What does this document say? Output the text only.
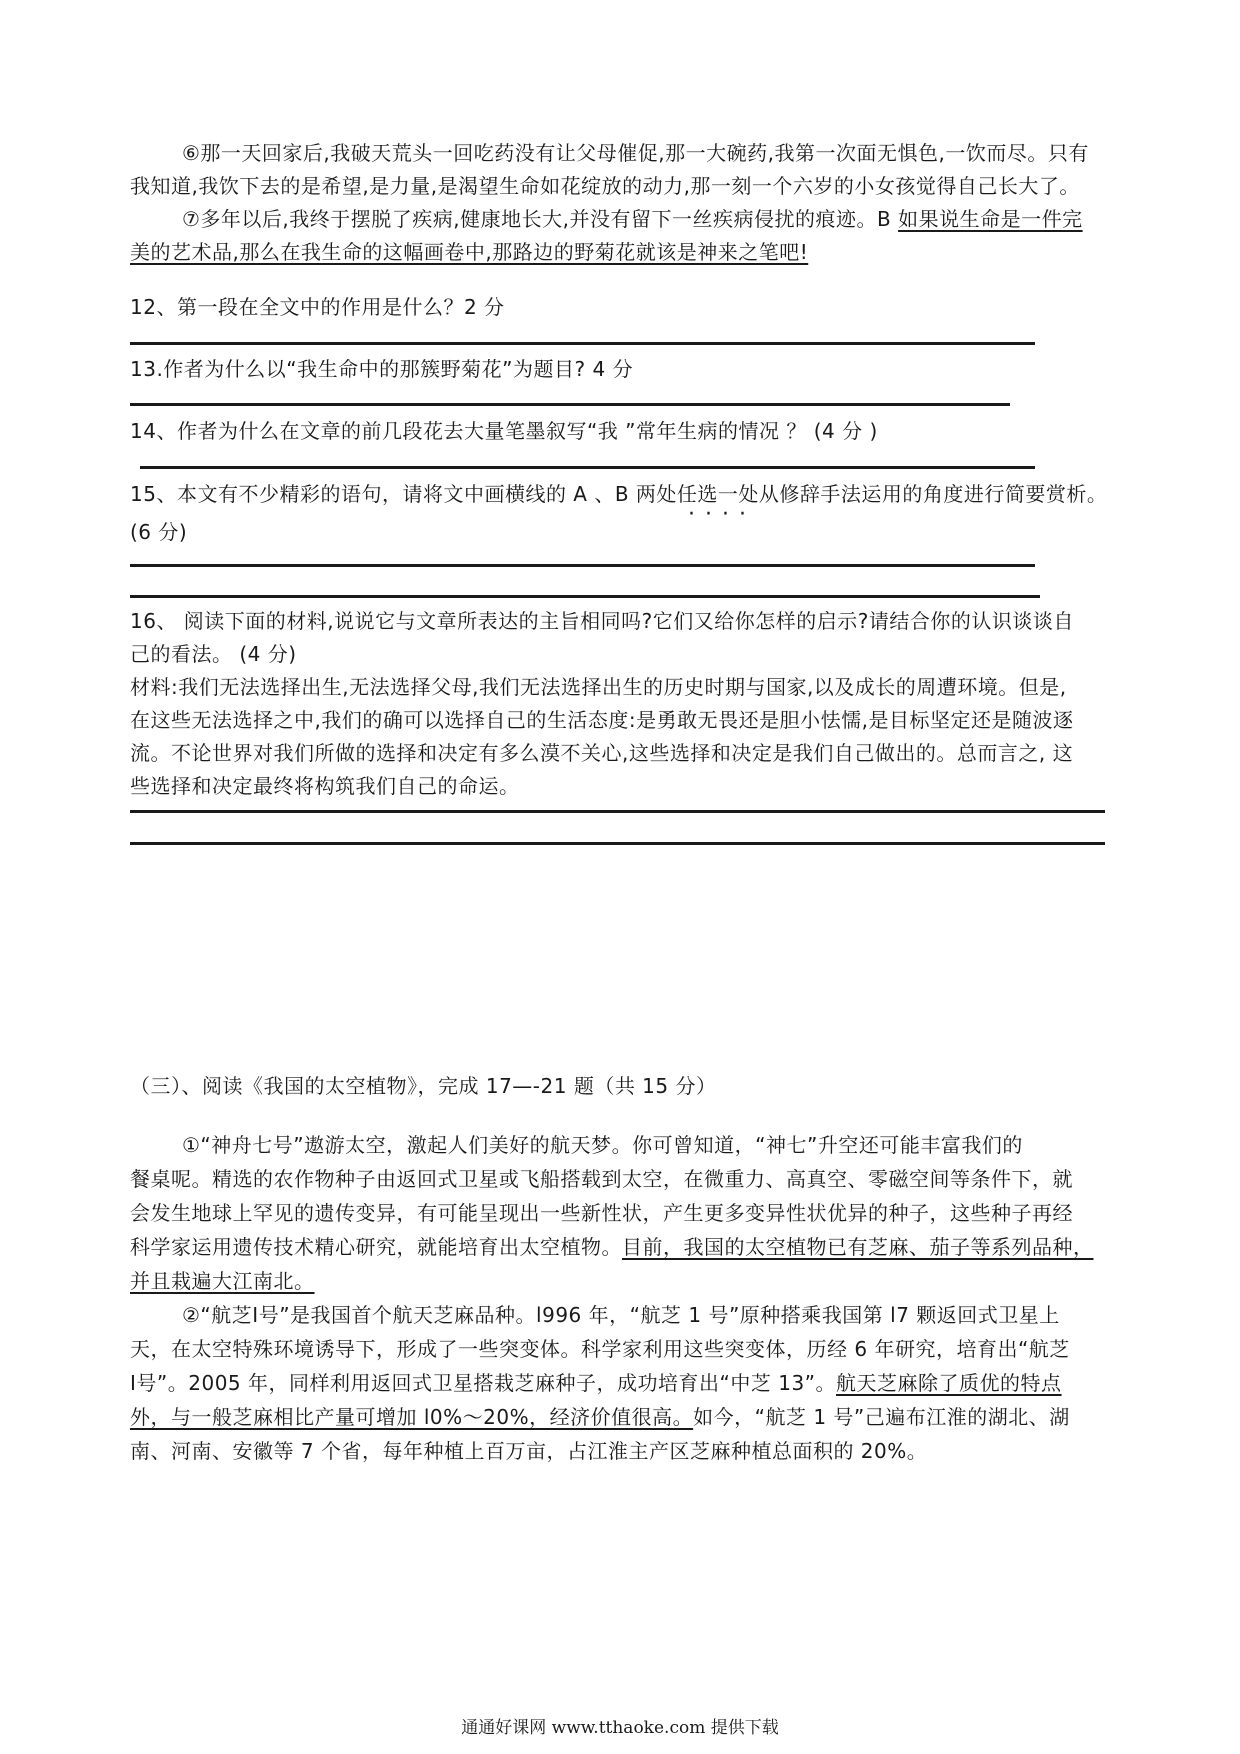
⑥那一天回家后,我破天荒头一回吃药没有让父母催促,那一大碗药,我第一次面无惧色,一饮而尽。只有
我知道,我饮下去的是希望,是力量,是渴望生命如花绽放的动力,那一刻一个六岁的小女孩觉得自己长大了。
⑦多年以后,我终于摆脱了疾病,健康地长大,并没有留下一丝疾病侵扰的痕迹。B 如果说生命是一件完
美的艺术品,那么在我生命的这幅画卷中,那路边的野菊花就该是神来之笔吧!
12、第一段在全文中的作用是什么？2 分
13.作者为什么以“我生命中的那簇野菊花”为题目? 4 分
14、作者为什么在文章的前几段花去大量笔墨叙写“我 ”常年生病的情况 ？ (4 分 )
15、本文有不少精彩的语句，请将文中画横线的 A 、B 两处任选一处从修辞手法运用的角度进行简要赏析。
····
(6 分)
16、 阅读下面的材料,说说它与文章所表达的主旨相同吗?它们又给你怎样的启示?请结合你的认识谈谈自
己的看法。 (4 分)
材料:我们无法选择出生,无法选择父母,我们无法选择出生的历史时期与国家,以及成长的周遭环境。但是,
在这些无法选择之中,我们的确可以选择自己的生活态度:是勇敢无畏还是胆小怯懦,是目标坚定还是随波逐
流。不论世界对我们所做的选择和决定有多么漠不关心,这些选择和决定是我们自己做出的。总而言之, 这
些选择和决定最终将构筑我们自己的命运。
（三）、阅读《我国的太空植物》，完成 17—-21 题（共 15 分）
①“神舟七号”遨游太空，激起人们美好的航天梦。你可曾知道，“神七”升空还可能丰富我们的
餐桌呢。精选的农作物种子由返回式卫星或飞船搭载到太空，在微重力、高真空、零磁空间等条件下，就
会发生地球上罕见的遗传变异，有可能呈现出一些新性状，产生更多变异性状优异的种子，这些种子再经
科学家运用遗传技术精心研究，就能培育出太空植物。目前，我国的太空植物已有芝麻、茄子等系列品种，
并且栽遍大江南北。
②“航芝Ⅰ号”是我国首个航天芝麻品种。l996 年，“航芝 1 号”原种搭乘我国第 l7 颗返回式卫星上
天，在太空特殊环境诱导下，形成了一些突变体。科学家利用这些突变体，历经 6 年研究，培育出“航芝
Ⅰ号”。2005 年，同样利用返回式卫星搭栽芝麻种子，成功培育出“中芝 13”。航天芝麻除了质优的特点
外，与一般芝麻相比产量可增加 l0%～20%，经济价值很高。如今，“航芝 1 号”己遍布江淮的湖北、湖
南、河南、安徽等 7 个省，每年种植上百万亩，占江淮主产区芝麻种植总面积的 20%。
通通好课网 www.tthaoke.com 提供下载
